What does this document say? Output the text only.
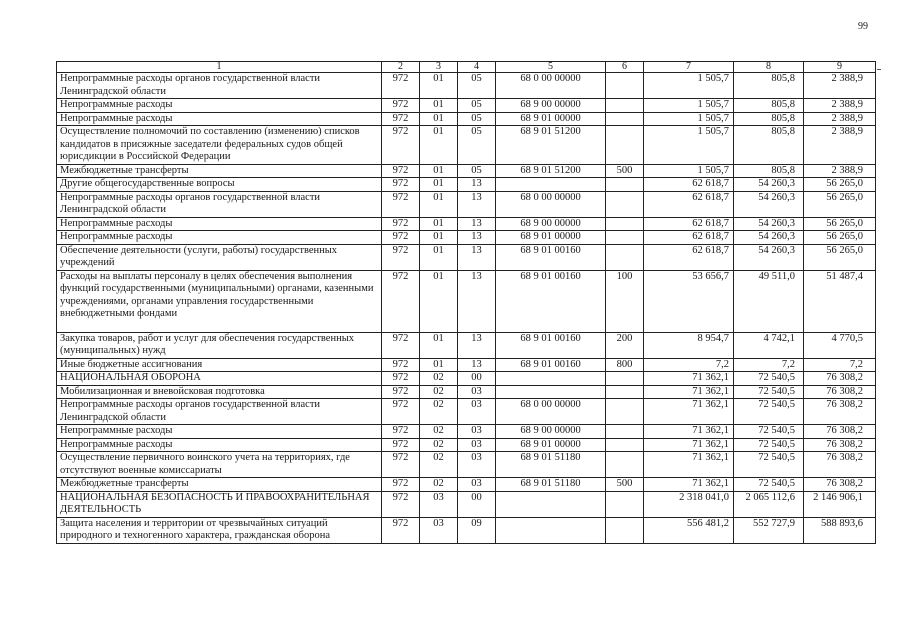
99
1	2	3	4	5	6	7	8	9
Непрограммные расходы органов государственной власти Ленинградской области	972	01	05	68 0 00 00000		1 505,7	805,8	2 388,9
Непрограммные расходы	972	01	05	68 9 00 00000		1 505,7	805,8	2 388,9
Непрограммные расходы	972	01	05	68 9 01 00000		1 505,7	805,8	2 388,9
Осуществление полномочий по составлению (изменению) списков кандидатов в присяжные заседатели федеральных судов общей юрисдикции в Российской Федерации	972	01	05	68 9 01 51200		1 505,7	805,8	2 388,9
Межбюджетные трансферты	972	01	05	68 9 01 51200	500	1 505,7	805,8	2 388,9
Другие общегосударственные вопросы	972	01	13			62 618,7	54 260,3	56 265,0
Непрограммные расходы органов государственной власти Ленинградской области	972	01	13	68 0 00 00000		62 618,7	54 260,3	56 265,0
Непрограммные расходы	972	01	13	68 9 00 00000		62 618,7	54 260,3	56 265,0
Непрограммные расходы	972	01	13	68 9 01 00000		62 618,7	54 260,3	56 265,0
Обеспечение деятельности (услуги, работы) государственных учреждений	972	01	13	68 9 01 00160		62 618,7	54 260,3	56 265,0
Расходы на выплаты персоналу в целях обеспечения выполнения функций государственными (муниципальными) органами, казенными учреждениями, органами управления государственными внебюджетными фондами	972	01	13	68 9 01 00160	100	53 656,7	49 511,0	51 487,4
Закупка товаров, работ и услуг для обеспечения государственных (муниципальных) нужд	972	01	13	68 9 01 00160	200	8 954,7	4 742,1	4 770,5
Иные бюджетные ассигнования	972	01	13	68 9 01 00160	800	7,2	7,2	7,2
НАЦИОНАЛЬНАЯ ОБОРОНА	972	02	00			71 362,1	72 540,5	76 308,2
Мобилизационная и вневойсковая подготовка	972	02	03			71 362,1	72 540,5	76 308,2
Непрограммные расходы органов государственной власти Ленинградской области	972	02	03	68 0 00 00000		71 362,1	72 540,5	76 308,2
Непрограммные расходы	972	02	03	68 9 00 00000		71 362,1	72 540,5	76 308,2
Непрограммные расходы	972	02	03	68 9 01 00000		71 362,1	72 540,5	76 308,2
Осуществление первичного воинского учета на территориях, где отсутствуют военные комиссариаты	972	02	03	68 9 01 51180		71 362,1	72 540,5	76 308,2
Межбюджетные трансферты	972	02	03	68 9 01 51180	500	71 362,1	72 540,5	76 308,2
НАЦИОНАЛЬНАЯ БЕЗОПАСНОСТЬ И ПРАВООХРАНИТЕЛЬНАЯ ДЕЯТЕЛЬНОСТЬ	972	03	00			2 318 041,0	2 065 112,6	2 146 906,1
Защита населения и территории от чрезвычайных ситуаций природного и техногенного характера, гражданская оборона	972	03	09			556 481,2	552 727,9	588 893,6
